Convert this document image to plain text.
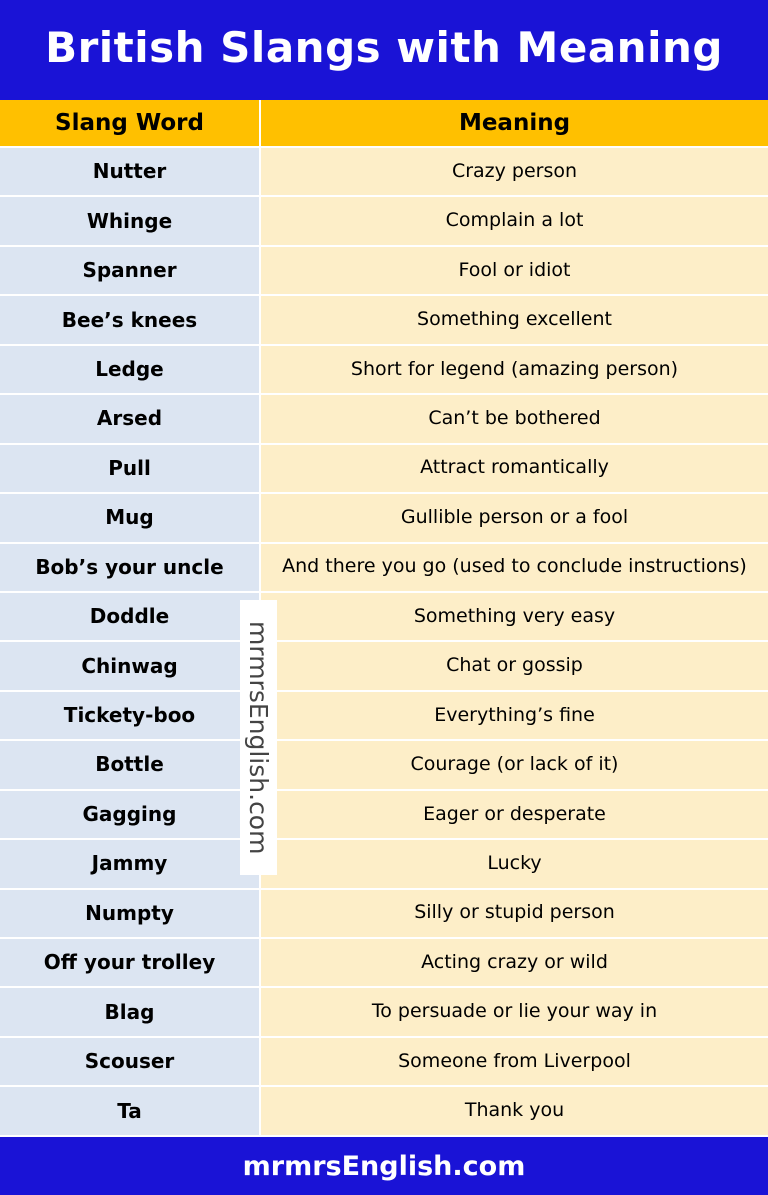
British Slangs with Meaning
Slang Word	Meaning
Nutter	Crazy person
Whinge	Complain a lot
Spanner	Fool or idiot
Bee’s knees	Something excellent
Ledge	Short for legend (amazing person)
Arsed	Can’t be bothered
Pull	Attract romantically
Mug	Gullible person or a fool
Bob’s your uncle	And there you go (used to conclude instructions)
Doddle	Something very easy
Chinwag	Chat or gossip
Tickety-boo	Everything’s fine
Bottle	Courage (or lack of it)
Gagging	Eager or desperate
Jammy	Lucky
Numpty	Silly or stupid person
Off your trolley	Acting crazy or wild
Blag	To persuade or lie your way in
Scouser	Someone from Liverpool
Ta	Thank you
mrmrsEnglish.com
mrmrsEnglish.com
